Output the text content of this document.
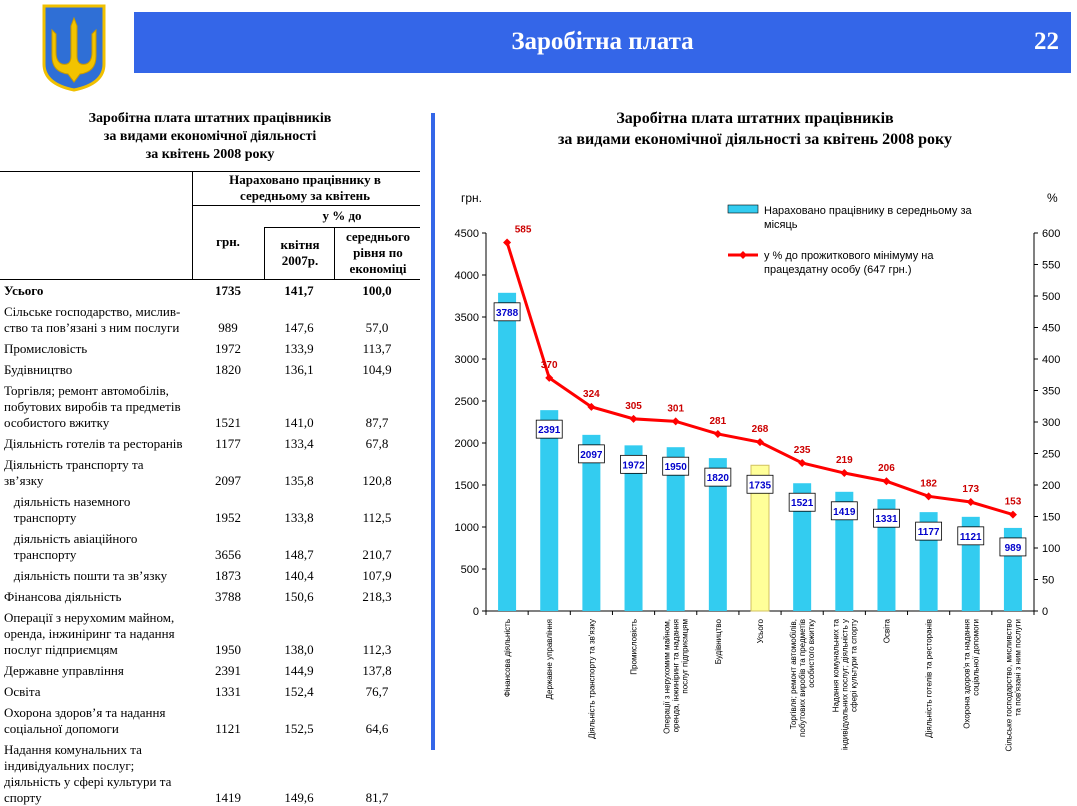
Заробітна плата	22
Заробітна плата штатних працівників
за видами економічної діяльності
за квітень 2008 року
Нараховано працівнику в середньому за квітень
грн.
у % до
квітня 2007р.
середнього рівня по економіці
Усього	1735	141,7	100,0
Сільське господарство, мислив-
ство та пов’язані з ним послуги	989	147,6	57,0
Промисловість	1972	133,9	113,7
Будівництво	1820	136,1	104,9
Торгівля; ремонт автомобілів,
побутових виробів та предметів
особистого вжитку	1521	141,0	87,7
Діяльність готелів та ресторанів	1177	133,4	67,8
Діяльність транспорту та
зв’язку	2097	135,8	120,8
діяльність наземного
транспорту	1952	133,8	112,5
діяльність авіаційного
транспорту	3656	148,7	210,7
діяльність пошти та зв’язку	1873	140,4	107,9
Фінансова діяльність	3788	150,6	218,3
Операції з нерухомим майном,
орендa, інжиніринг та надання
послуг підприємцям	1950	138,0	112,3
Державне управління	2391	144,9	137,8
Освіта	1331	152,4	76,7
Охорона здоров’я та надання
соціальної допомоги	1121	152,5	64,6
Надання комунальних та
індивідуальних послуг;
діяльність у сфері культури та
спорту	1419	149,6	81,7
Заробітна плата штатних працівників
за видами економічної діяльності за квітень 2008 року
грн.	%
0
500
1000
1500
2000
2500
3000
3500
4000
4500
0
50
100
150
200
250
300
350
400
450
500
550
600
585
370
324
305	301
281
268
235
219
206
182
173
153
3788
2391
2097
1972 1950
1820
1735
1521
1419
1331
1177 1121
989
Фінансова діяльність	Державне управління	Діяльність транспорту та зв'язку	Промисловість	Операції з нерухомим майном, оренда, інжиніринг та надання послуг підприємцям	Будівництво	Усього	Торгівля; ремонт автомобілів, побутових виробів та предметів особистого вжитку Надання комунальних та індивідуальних послуг; діяльність у сфері культури та спорту	Освіта	Діяльність готелів та ресторанів	Охорона здоров'я та надання соціальної допомоги	Сільське господарство, мисливство та пов'язані з ним послуги
Нараховано працівнику в середньому за
місяць
у % до прожиткового мінімуму на
працездатну особу (647 грн.)
